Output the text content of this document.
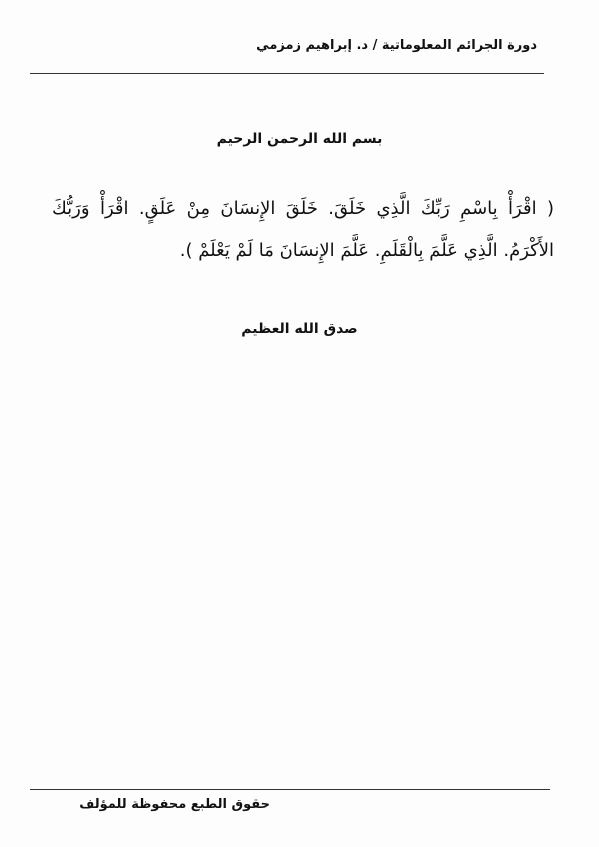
دورة الجرائم المعلوماتية / د. إبراهيم زمزمي
بسم الله الرحمن الرحيم
( اقْرَأْ بِاسْمِ رَبِّكَ الَّذِي خَلَقَ. خَلَقَ الإِنسَانَ مِنْ عَلَقٍ. اقْرَأْ وَرَبُّكَ الأَكْرَمُ. الَّذِي عَلَّمَ بِالْقَلَمِ. عَلَّمَ الإِنسَانَ مَا لَمْ يَعْلَمْ ).
صدق الله العظيم
حقوق الطبع محفوظة للمؤلف
